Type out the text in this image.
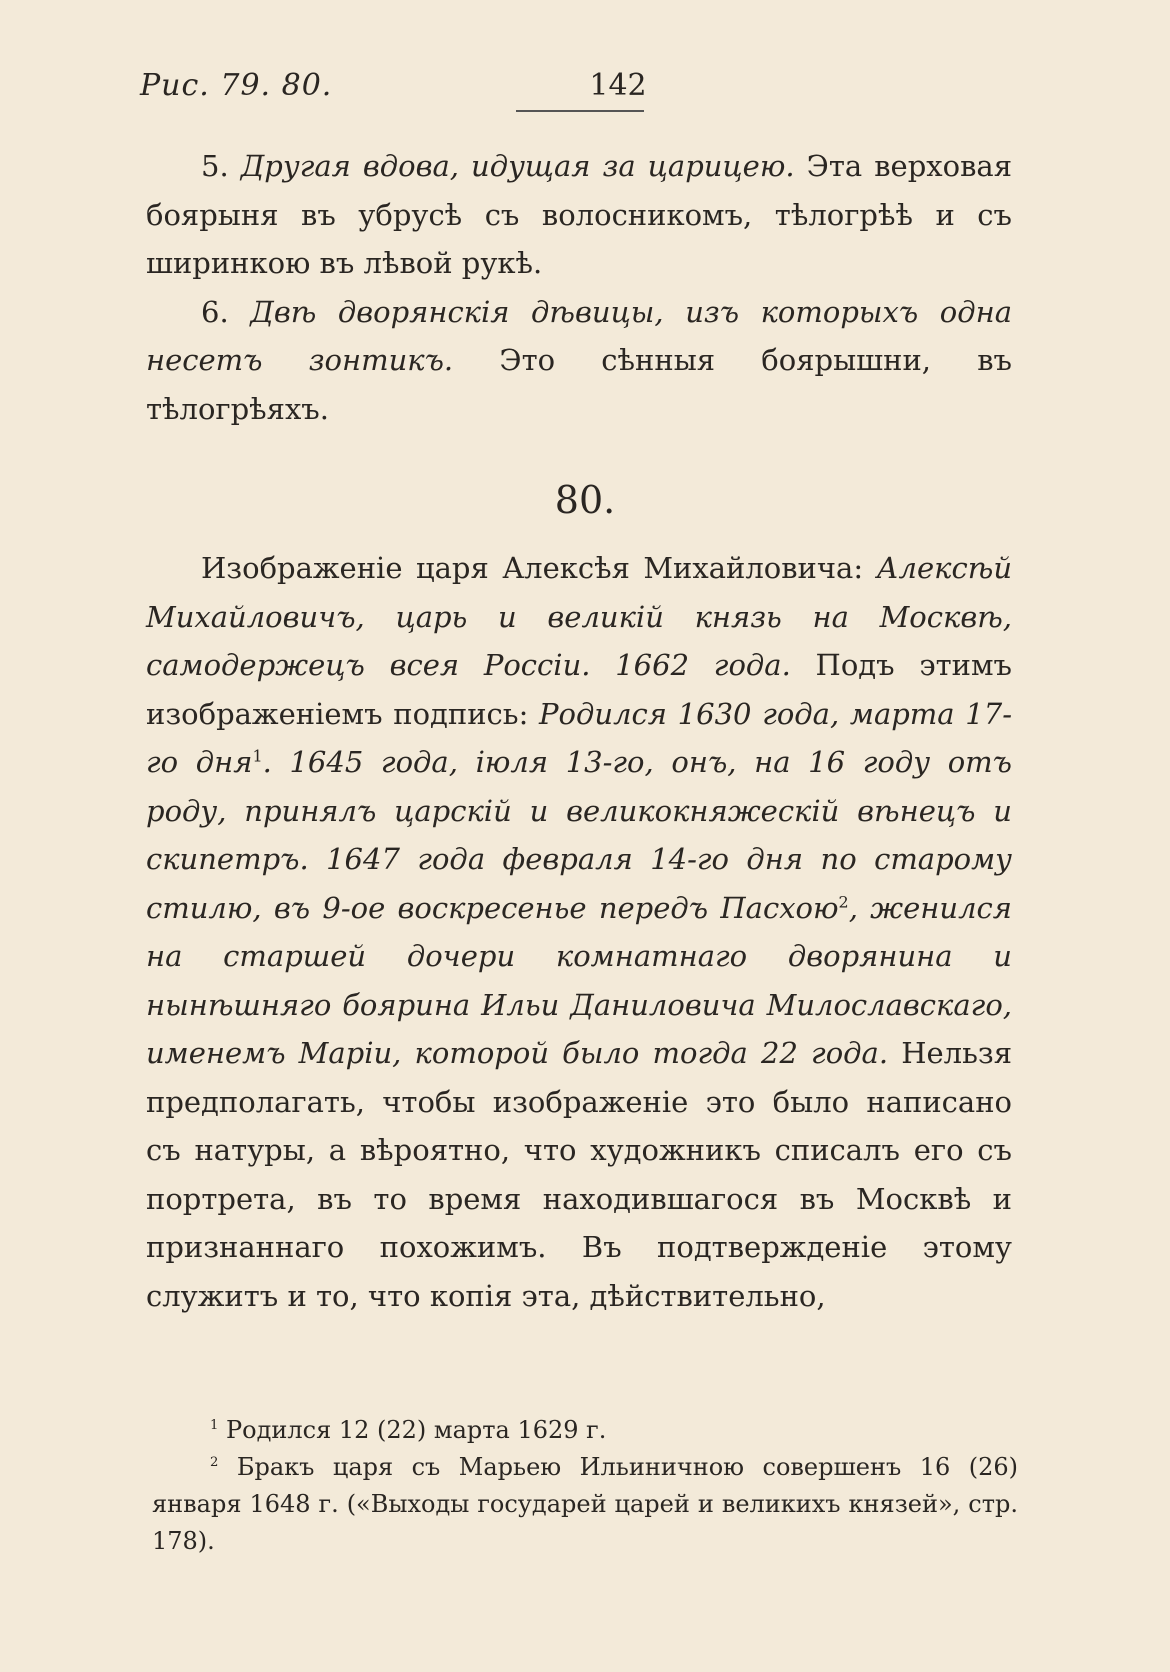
Рис. 79. 80.	142

5. Другая вдова, идущая за царицею. Эта верховая боярыня въ убрусѣ съ волосникомъ, тѣлогрѣѣ и съ ширинкою въ лѣвой рукѣ.

6. Двѣ дворянскія дѣвицы, изъ которыхъ одна несетъ зонтикъ. Это сѣнныя боярышни, въ тѣлогрѣяхъ.

80.

Изображеніе царя Алексѣя Михайловича: Алексѣй Михайловичъ, царь и великій князь на Москвѣ, самодержецъ всея Россіи. 1662 года. Подъ этимъ изображеніемъ подпись: Родился 1630 года, марта 17-го дня$^1$. 1645 года, іюля 13-го, онъ, на 16 году отъ роду, принялъ царскій и великокняжескій вѣнецъ и скипетръ. 1647 года февраля 14-го дня по старому стилю, въ 9-ое воскресенье передъ Пасхою$^2$, женился на старшей дочери комнатнаго дворянина и нынѣшняго боярина Ильи Даниловича Милославскаго, именемъ Маріи, которой было тогда 22 года. Нельзя предполагать, чтобы изображеніе это было написано съ натуры, а вѣроятно, что художникъ списалъ его съ портрета, въ то время находившагося въ Москвѣ и признаннаго похожимъ. Въ подтвержденіе этому служитъ и то, что копія эта, дѣйствительно,

$^1$ Родился 12 (22) марта 1629 г.

$^2$ Бракъ царя съ Марьею Ильиничною совершенъ 16 (26) января 1648 г. («Выходы государей царей и великихъ князей», стр. 178).
